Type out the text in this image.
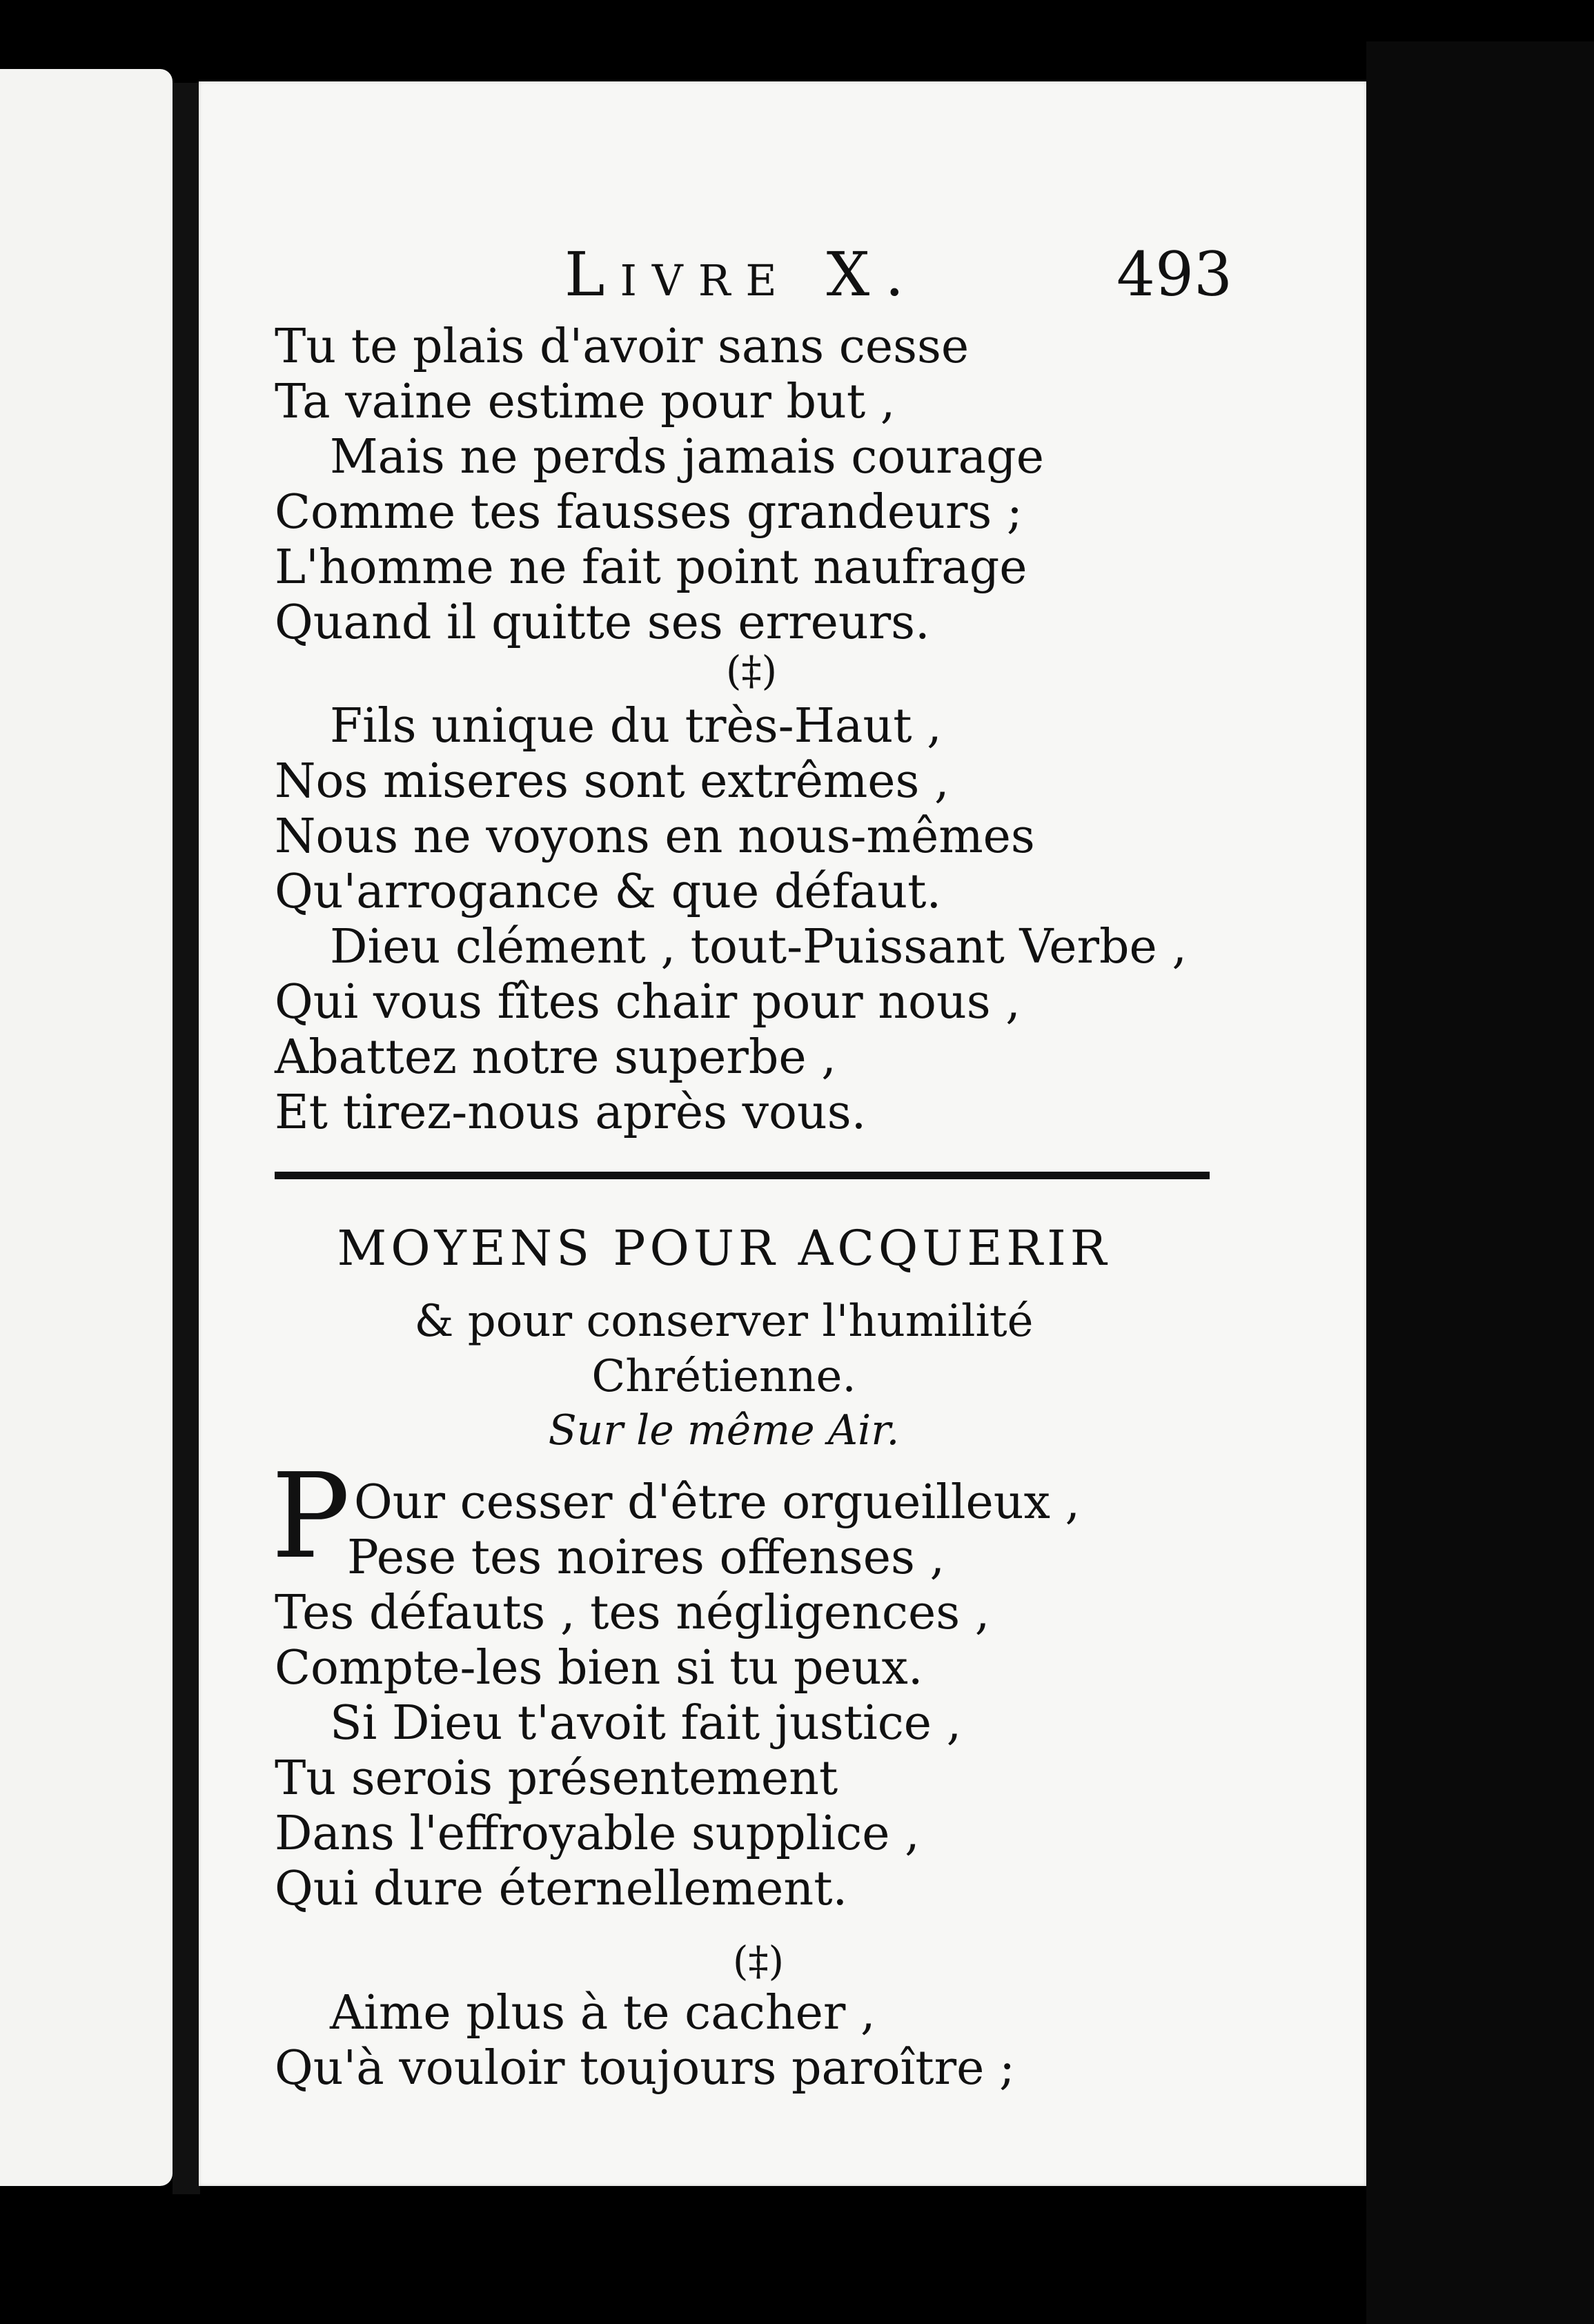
Livre X.	493
Tu te plais d'avoir sans cesse
Ta vaine estime pour but ,
Mais ne perds jamais courage
Comme tes fausses grandeurs ;
L'homme ne fait point naufrage
Quand il quitte ses erreurs.
(‡)
Fils unique du très-Haut ,
Nos miseres sont extrêmes ,
Nous ne voyons en nous-mêmes
Qu'arrogance & que défaut.
Dieu clément , tout-Puissant Verbe ,
Qui vous fîtes chair pour nous ,
Abattez notre superbe ,
Et tirez-nous après vous.
MOYENS POUR ACQUERIR
& pour conserver l'humilité
Chrétienne.
Sur le même Air.
P Our cesser d'être orgueilleux ,
Pese tes noires offenses ,
Tes défauts , tes négligences ,
Compte-les bien si tu peux.
Si Dieu t'avoit fait justice ,
Tu serois présentement
Dans l'effroyable supplice ,
Qui dure éternellement.
(‡)
Aime plus à te cacher ,
Qu'à vouloir toujours paroître ;
